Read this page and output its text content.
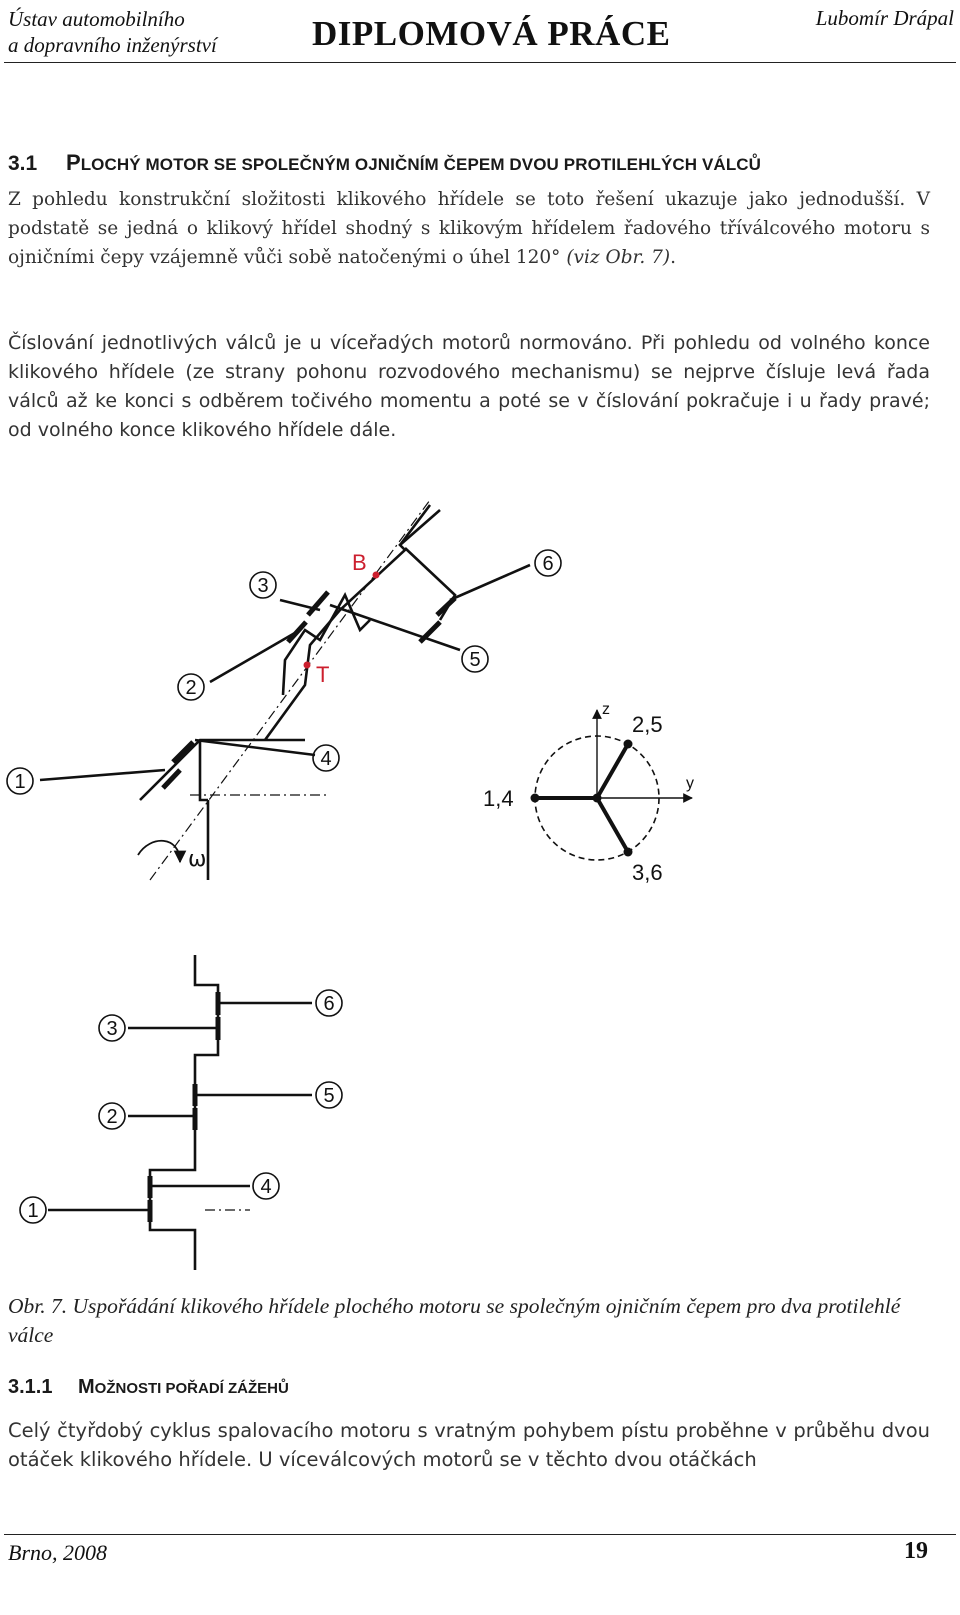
Ústav automobilního
a dopravního inženýrství	DIPLOMOVÁ PRÁCE	Lubomír Drápal
3.1 PLOCHÝ MOTOR SE SPOLEČNÝM OJNIČNÍM ČEPEM DVOU PROTILEHLÝCH VÁLCŮ
Z pohledu konstrukční složitosti klikového hřídele se toto řešení ukazuje jako jednodušší. V podstatě se jedná o klikový hřídel shodný s klikovým hřídelem řadového tříválcového motoru s ojničními čepy vzájemně vůči sobě natočenými o úhel 120° (viz Obr. 7).
Číslování jednotlivých válců je u víceřadých motorů normováno. Při pohledu od volného konce klikového hřídele (ze strany pohonu rozvodového mechanismu) se nejprve čísluje levá řada válců až ke konci s odběrem točivého momentu a poté se v číslování pokračuje i u řady pravé; od volného konce klikového hřídele dále.
B
T
ω
1
2
3
4
5
6
z
y
2,5
1,4
3,6
1
2
3
4
5
6
Obr. 7. Uspořádání klikového hřídele plochého motoru se společným ojničním čepem pro dva protilehlé válce
3.1.1 MOŽNOSTI POŘADÍ ZÁŽEHŮ
Celý čtyřdobý cyklus spalovacího motoru s vratným pohybem pístu proběhne v průběhu dvou otáček klikového hřídele. U víceválcových motorů se v těchto dvou otáčkách
Brno, 2008	19
